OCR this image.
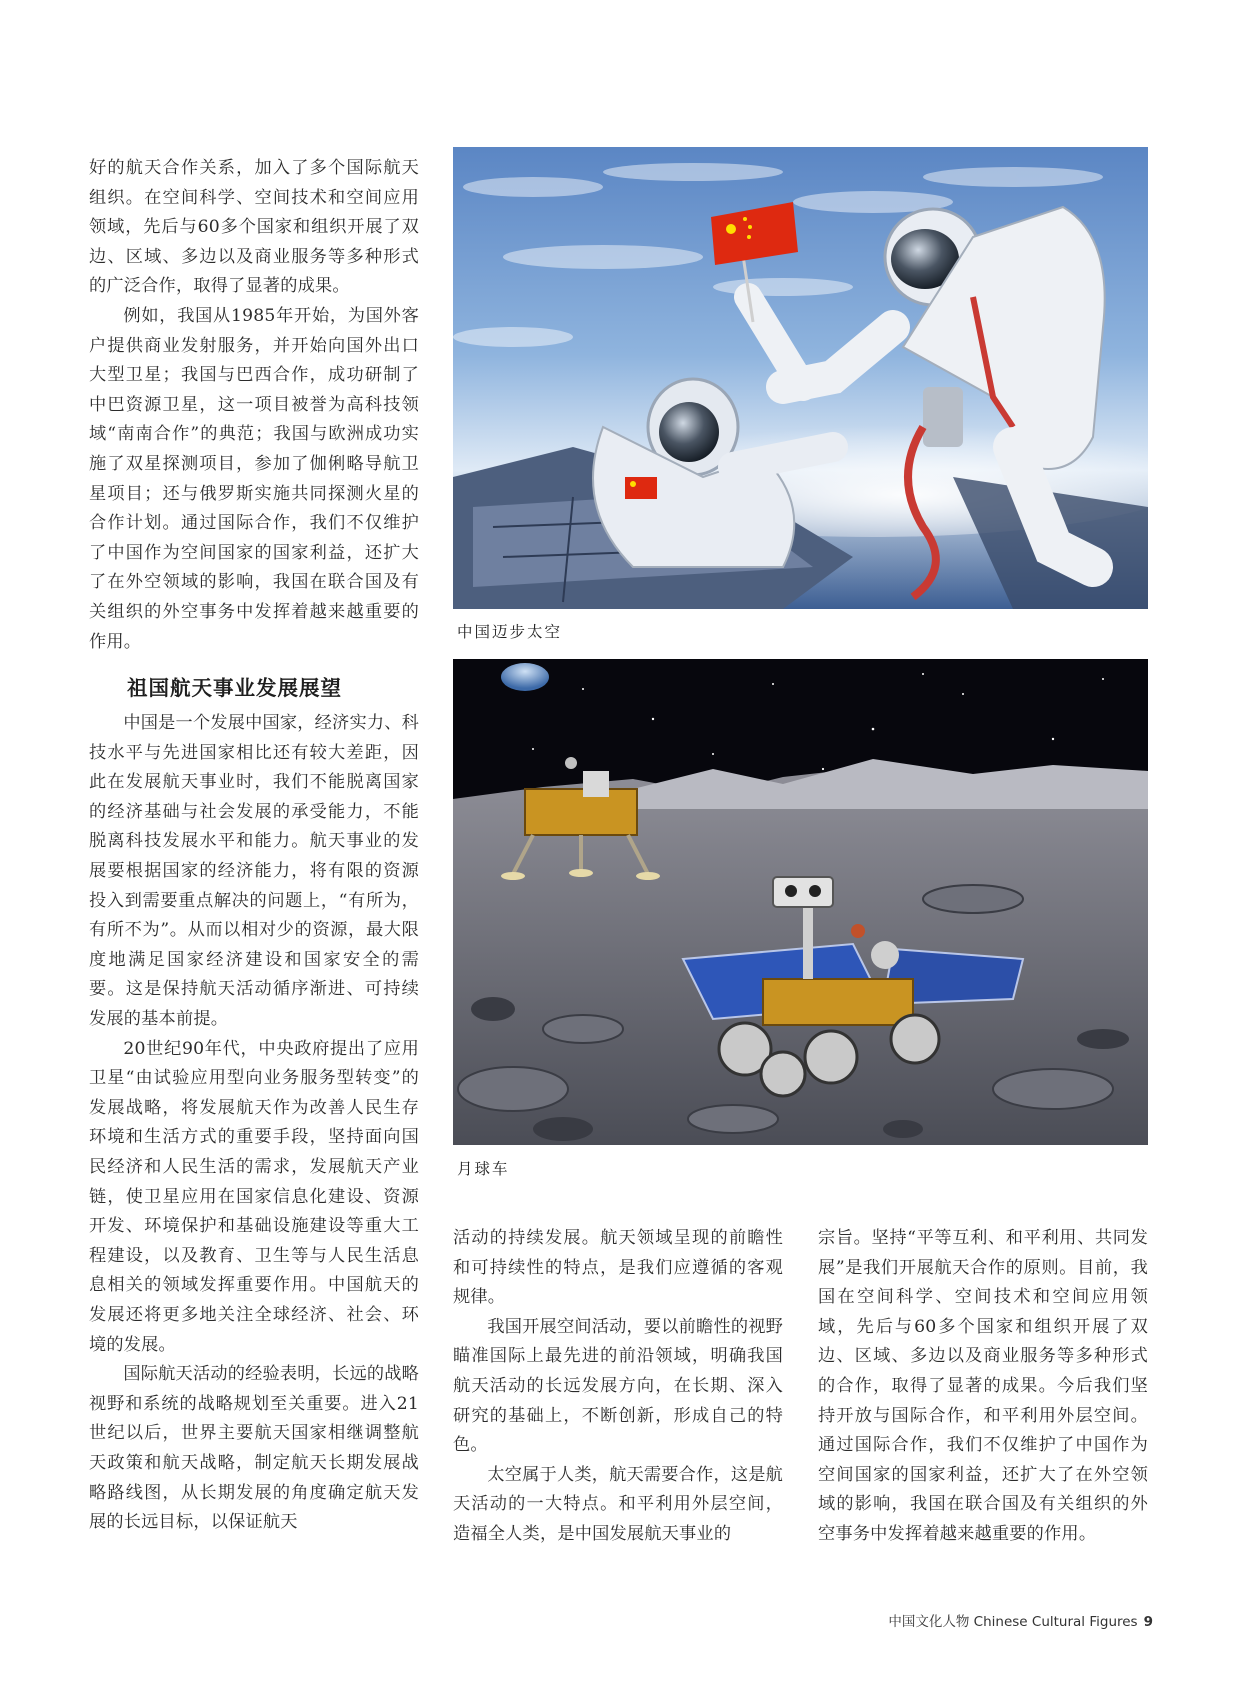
好的航天合作关系，加入了多个国际航天组织。在空间科学、空间技术和空间应用领域，先后与60多个国家和组织开展了双边、区域、多边以及商业服务等多种形式的广泛合作，取得了显著的成果。

例如，我国从1985年开始，为国外客户提供商业发射服务，并开始向国外出口大型卫星；我国与巴西合作，成功研制了中巴资源卫星，这一项目被誉为高科技领域“南南合作”的典范；我国与欧洲成功实施了双星探测项目，参加了伽俐略导航卫星项目；还与俄罗斯实施共同探测火星的合作计划。通过国际合作，我们不仅维护了中国作为空间国家的国家利益，还扩大了在外空领域的影响，我国在联合国及有关组织的外空事务中发挥着越来越重要的作用。

祖国航天事业发展展望

中国是一个发展中国家，经济实力、科技水平与先进国家相比还有较大差距，因此在发展航天事业时，我们不能脱离国家的经济基础与社会发展的承受能力，不能脱离科技发展水平和能力。航天事业的发展要根据国家的经济能力，将有限的资源投入到需要重点解决的问题上，“有所为，有所不为”。从而以相对少的资源，最大限度地满足国家经济建设和国家安全的需要。这是保持航天活动循序渐进、可持续发展的基本前提。

20世纪90年代，中央政府提出了应用卫星“由试验应用型向业务服务型转变”的发展战略，将发展航天作为改善人民生存环境和生活方式的重要手段，坚持面向国民经济和人民生活的需求，发展航天产业链，使卫星应用在国家信息化建设、资源开发、环境保护和基础设施建设等重大工程建设，以及教育、卫生等与人民生活息息相关的领域发挥重要作用。中国航天的发展还将更多地关注全球经济、社会、环境的发展。

国际航天活动的经验表明，长远的战略视野和系统的战略规划至关重要。进入21世纪以后，世界主要航天国家相继调整航天政策和航天战略，制定航天长期发展战略路线图，从长期发展的角度确定航天发展的长远目标，以保证航天

中国迈步太空
月球车

活动的持续发展。航天领域呈现的前瞻性和可持续性的特点，是我们应遵循的客观规律。

我国开展空间活动，要以前瞻性的视野瞄准国际上最先进的前沿领域，明确我国航天活动的长远发展方向，在长期、深入研究的基础上，不断创新，形成自己的特色。

太空属于人类，航天需要合作，这是航天活动的一大特点。和平利用外层空间，造福全人类，是中国发展航天事业的

宗旨。坚持“平等互利、和平利用、共同发展”是我们开展航天合作的原则。目前，我国在空间科学、空间技术和空间应用领域，先后与60多个国家和组织开展了双边、区域、多边以及商业服务等多种形式的合作，取得了显著的成果。今后我们坚持开放与国际合作，和平利用外层空间。通过国际合作，我们不仅维护了中国作为空间国家的国家利益，还扩大了在外空领域的影响，我国在联合国及有关组织的外空事务中发挥着越来越重要的作用。

中国文化人物 Chinese Cultural Figures 9
